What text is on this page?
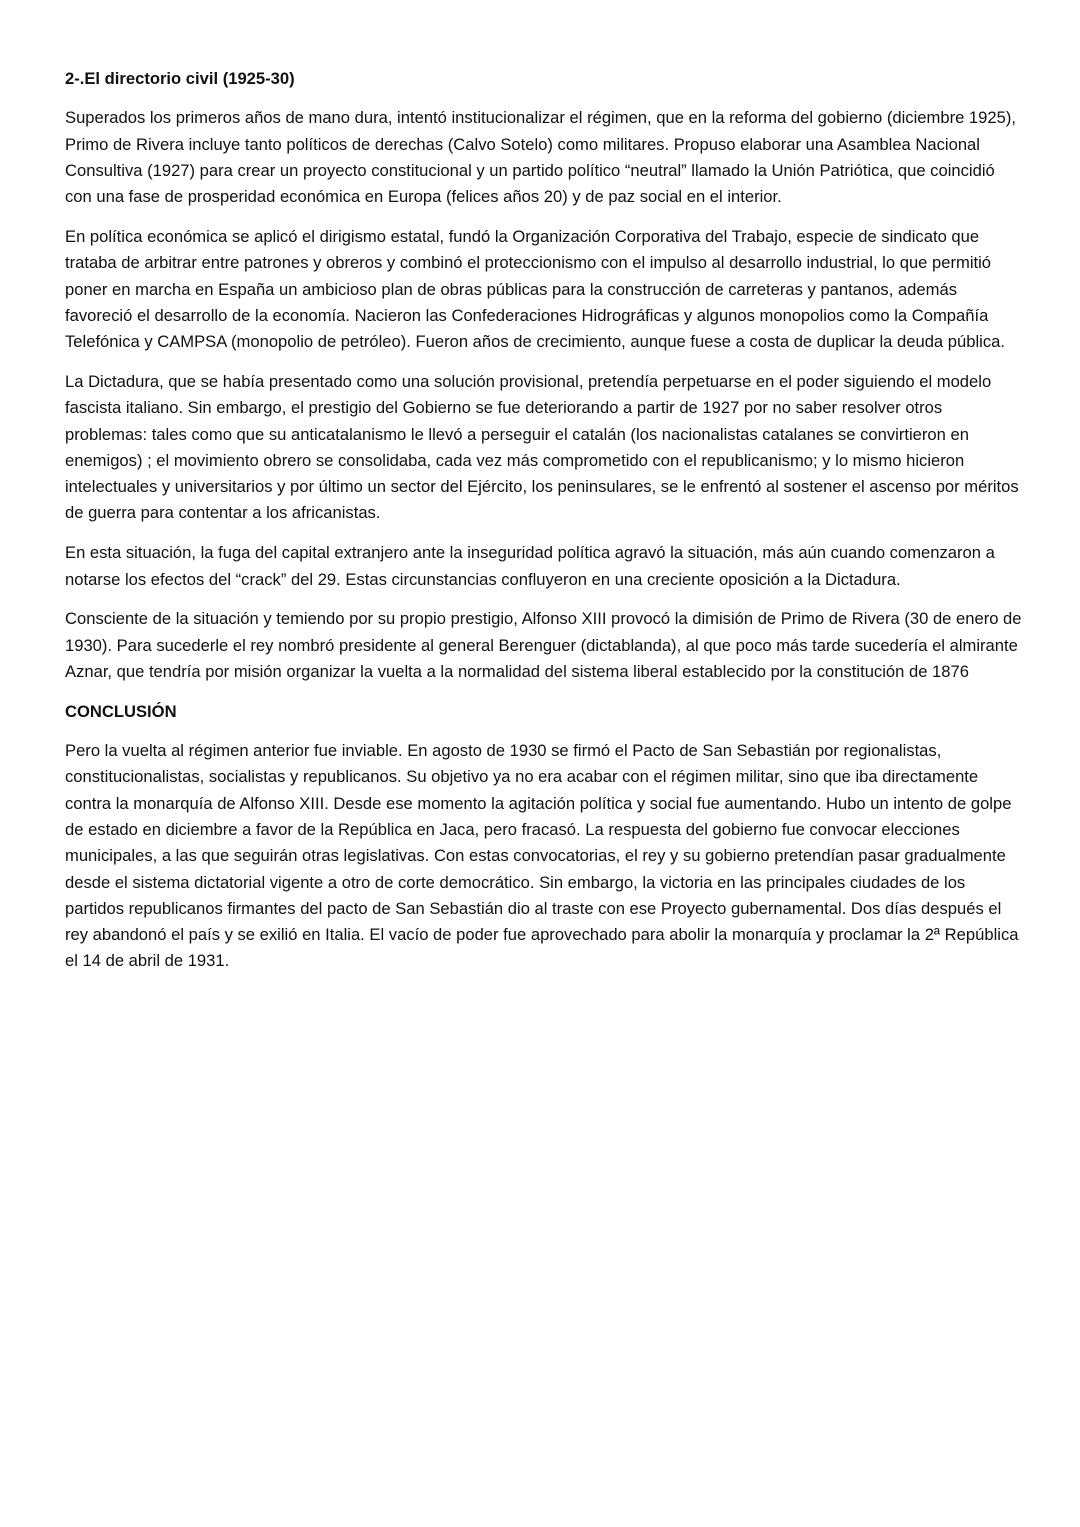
2-.El directorio civil (1925-30)

Superados los primeros años de mano dura, intentó institucionalizar el régimen, que en la reforma del gobierno (diciembre 1925), Primo de Rivera incluye tanto políticos de derechas (Calvo Sotelo) como militares. Propuso elaborar una Asamblea Nacional Consultiva (1927) para crear un proyecto constitucional y un partido político “neutral” llamado la Unión Patriótica, que coincidió con una fase de prosperidad económica en Europa (felices años 20) y de paz social en el interior.

En política económica se aplicó el dirigismo estatal, fundó la Organización Corporativa del Trabajo, especie de sindicato que trataba de arbitrar entre patrones y obreros y combinó el proteccionismo con el impulso al desarrollo industrial, lo que permitió poner en marcha en España un ambicioso plan de obras públicas para la construcción de carreteras y pantanos, además favoreció el desarrollo de la economía. Nacieron las Confederaciones Hidrográficas y algunos monopolios como la Compañía Telefónica y CAMPSA (monopolio de petróleo). Fueron años de crecimiento, aunque fuese a costa de duplicar la deuda pública.

La Dictadura, que se había presentado como una solución provisional, pretendía perpetuarse en el poder siguiendo el modelo fascista italiano. Sin embargo, el prestigio del Gobierno se fue deteriorando a partir de 1927 por no saber resolver otros problemas: tales como que su anticatalanismo le llevó a perseguir el catalán (los nacionalistas catalanes se convirtieron en enemigos) ; el movimiento obrero se consolidaba, cada vez más comprometido con el republicanismo; y lo mismo hicieron intelectuales y universitarios y por último un sector del Ejército, los peninsulares, se le enfrentó al sostener el ascenso por méritos de guerra para contentar a los africanistas.

En esta situación, la fuga del capital extranjero ante la inseguridad política agravó la situación, más aún cuando comenzaron a notarse los efectos del “crack” del 29. Estas circunstancias confluyeron en una creciente oposición a la Dictadura.

Consciente de la situación y temiendo por su propio prestigio, Alfonso XIII provocó la dimisión de Primo de Rivera (30 de enero de 1930). Para sucederle el rey nombró presidente al general Berenguer (dictablanda), al que poco más tarde sucedería el almirante Aznar, que tendría por misión organizar la vuelta a la normalidad del sistema liberal establecido por la constitución de 1876

CONCLUSIÓN

Pero la vuelta al régimen anterior fue inviable. En agosto de 1930 se firmó el Pacto de San Sebastián por regionalistas, constitucionalistas, socialistas y republicanos. Su objetivo ya no era acabar con el régimen militar, sino que iba directamente contra la monarquía de Alfonso XIII. Desde ese momento la agitación política y social fue aumentando. Hubo un intento de golpe de estado en diciembre a favor de la República en Jaca, pero fracasó. La respuesta del gobierno fue convocar elecciones municipales, a las que seguirán otras legislativas. Con estas convocatorias, el rey y su gobierno pretendían pasar gradualmente desde el sistema dictatorial vigente a otro de corte democrático. Sin embargo, la victoria en las principales ciudades de los partidos republicanos firmantes del pacto de San Sebastián dio al traste con ese Proyecto gubernamental. Dos días después el rey abandonó el país y se exilió en Italia. El vacío de poder fue aprovechado para abolir la monarquía y proclamar la 2ª República el 14 de abril de 1931.
